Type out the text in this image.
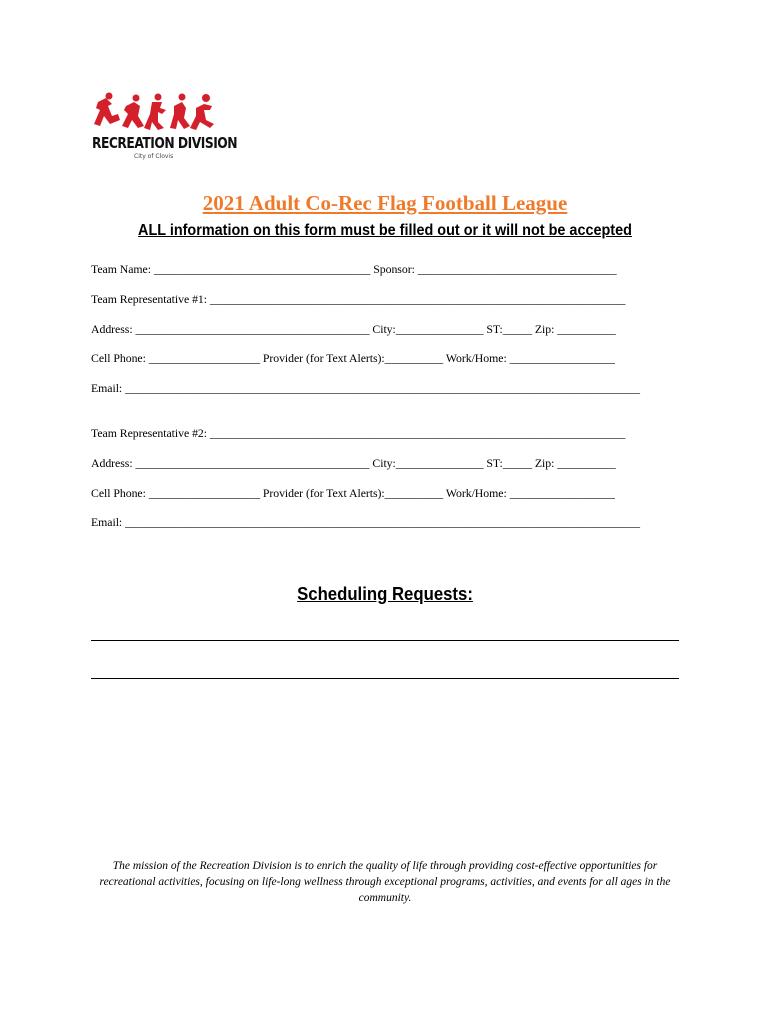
RECREATION DIVISION
City of Clovis
2021 Adult Co-Rec Flag Football League
ALL information on this form must be filled out or it will not be accepted
Team Name: _____________________________________ Sponsor: __________________________________
Team Representative #1: _______________________________________________________________________
Address: ________________________________________ City:_______________ ST:_____ Zip: __________
Cell Phone: ___________________ Provider (for Text Alerts):__________ Work/Home: __________________
Email: ________________________________________________________________________________________
Team Representative #2: _______________________________________________________________________
Address: ________________________________________ City:_______________ ST:_____ Zip: __________
Cell Phone: ___________________ Provider (for Text Alerts):__________ Work/Home: __________________
Email: ________________________________________________________________________________________
Scheduling Requests:
The mission of the Recreation Division is to enrich the quality of life through providing cost-effective opportunities for recreational activities, focusing on life-long wellness through exceptional programs, activities, and events for all ages in the community.
